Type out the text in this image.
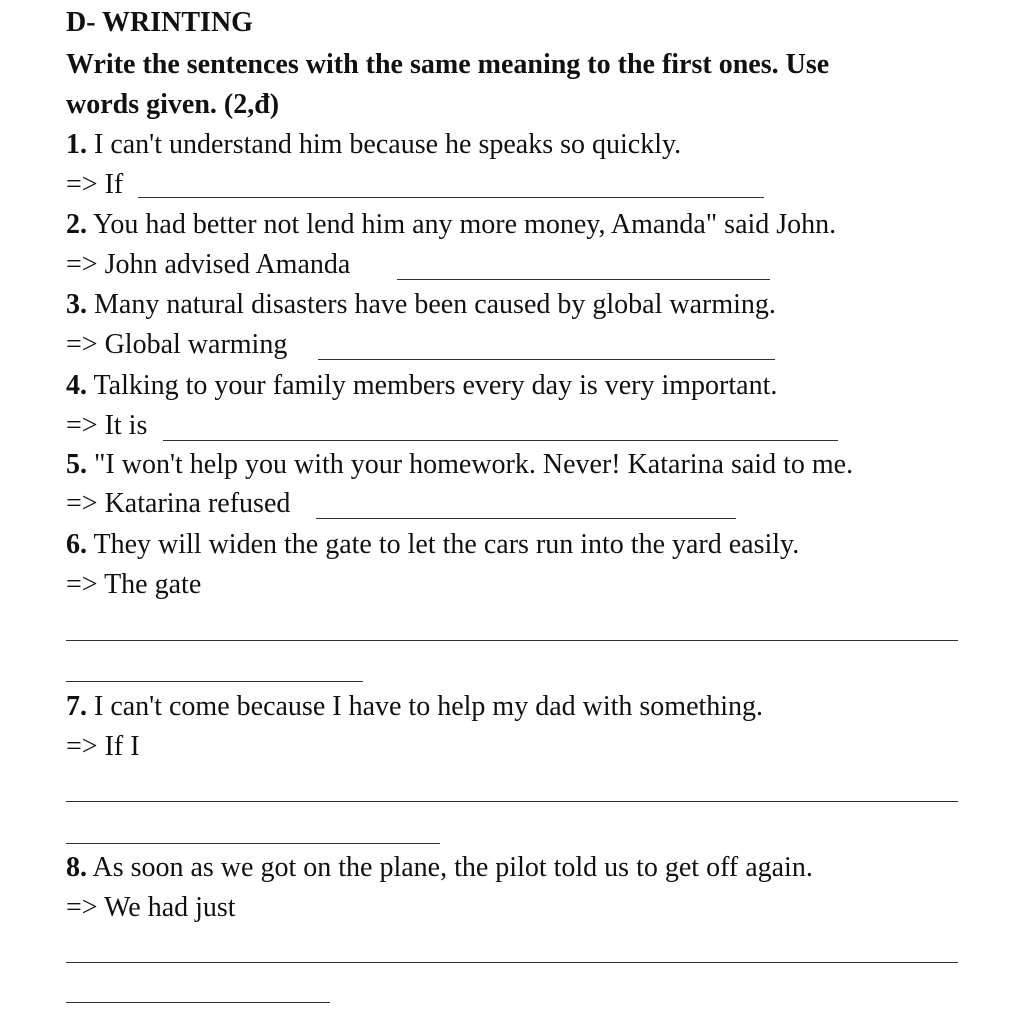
D- WRINTING
Write the sentences with the same meaning to the first ones. Use
words given. (2,đ)
1. I can't understand him because he speaks so quickly.
=> If
2. You had better not lend him any more money, Amanda" said John.
=> John advised Amanda
3. Many natural disasters have been caused by global warming.
=> Global warming
4. Talking to your family members every day is very important.
=> It is
5. "I won't help you with your homework. Never! Katarina said to me.
=> Katarina refused
6. They will widen the gate to let the cars run into the yard easily.
=> The gate
7. I can't come because I have to help my dad with something.
=> If I
8. As soon as we got on the plane, the pilot told us to get off again.
=> We had just
